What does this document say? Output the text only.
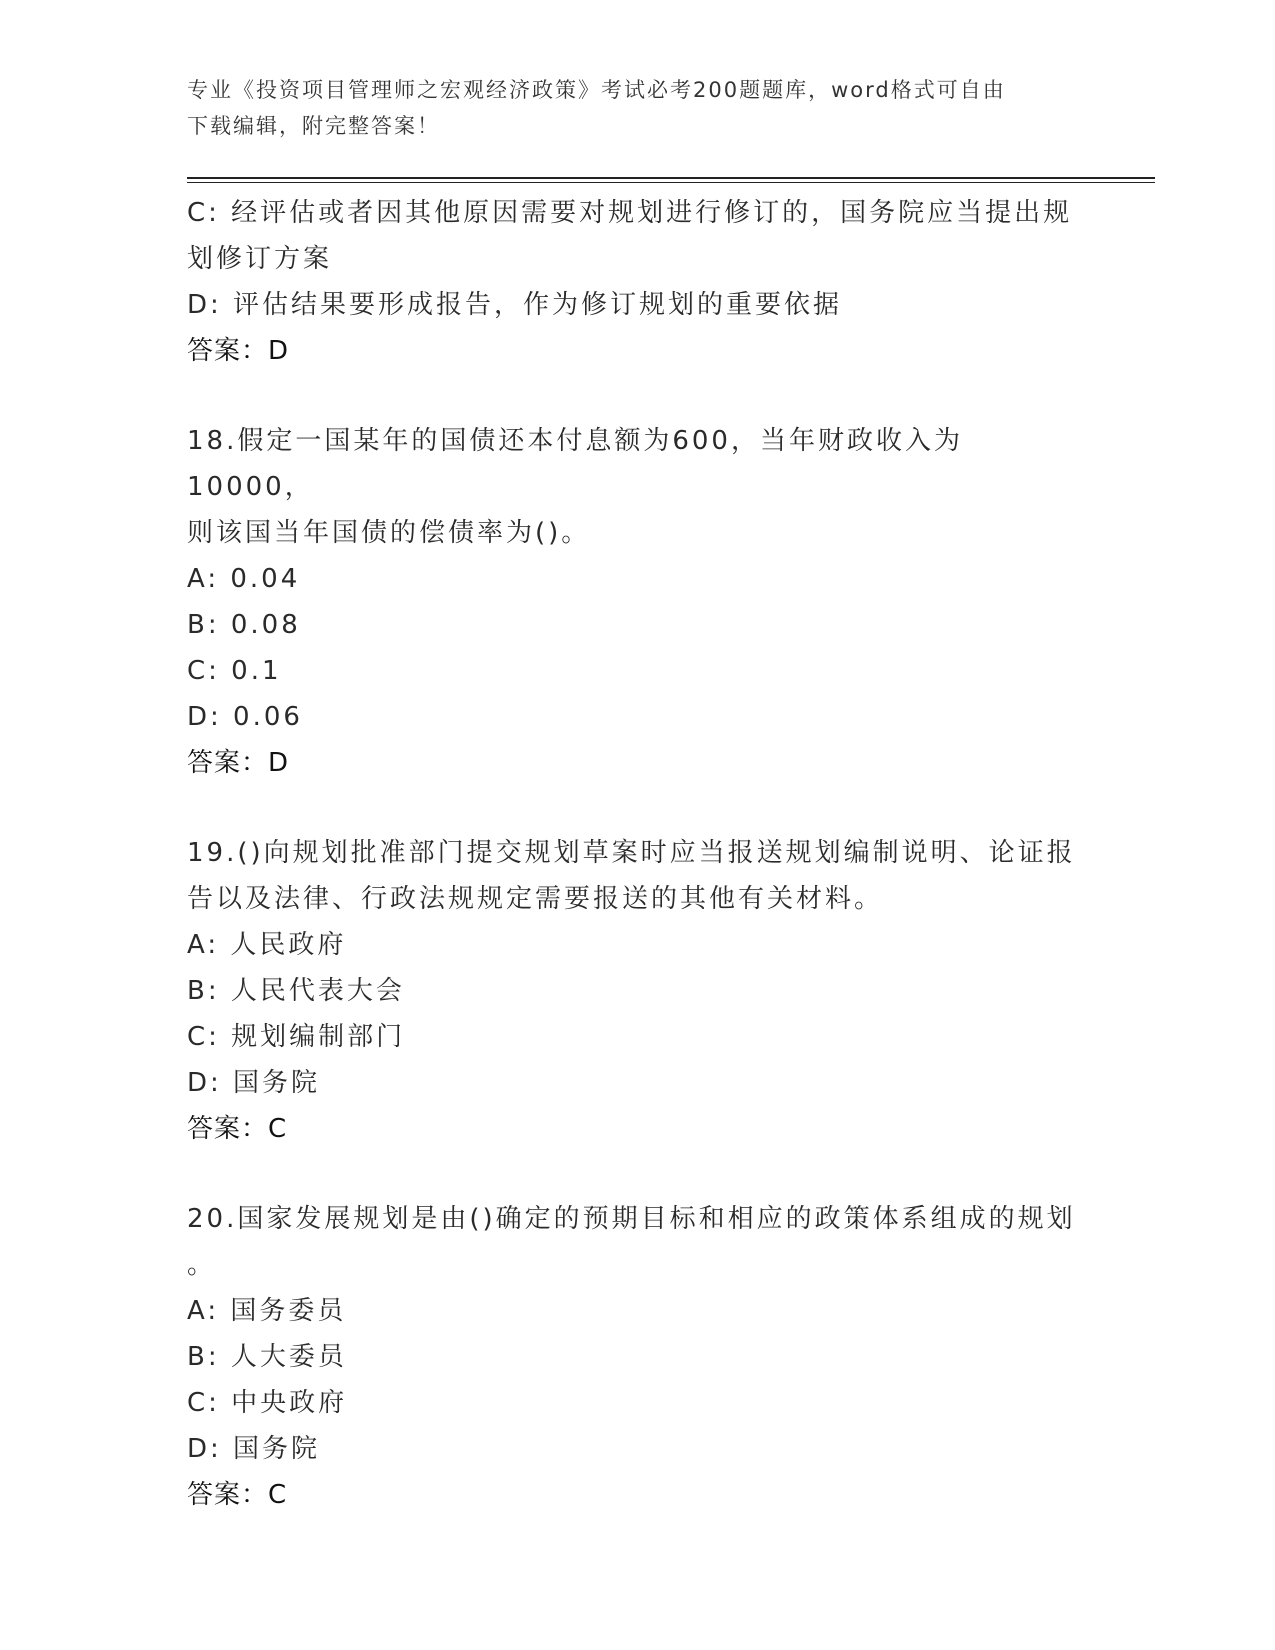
专业《投资项目管理师之宏观经济政策》考试必考200题题库，word格式可自由
下载编辑，附完整答案！

C: 经评估或者因其他原因需要对规划进行修订的，国务院应当提出规

划修订方案

D: 评估结果要形成报告，作为修订规划的重要依据

答案：D

18.假定一国某年的国债还本付息额为600，当年财政收入为10000，

则该国当年国债的偿债率为()。

A: 0.04

B: 0.08

C: 0.1

D: 0.06

答案：D

19.()向规划批准部门提交规划草案时应当报送规划编制说明、论证报

告以及法律、行政法规规定需要报送的其他有关材料。

A: 人民政府

B: 人民代表大会

C: 规划编制部门

D: 国务院

答案：C

20.国家发展规划是由()确定的预期目标和相应的政策体系组成的规划

。

A: 国务委员

B: 人大委员

C: 中央政府

D: 国务院

答案：C
